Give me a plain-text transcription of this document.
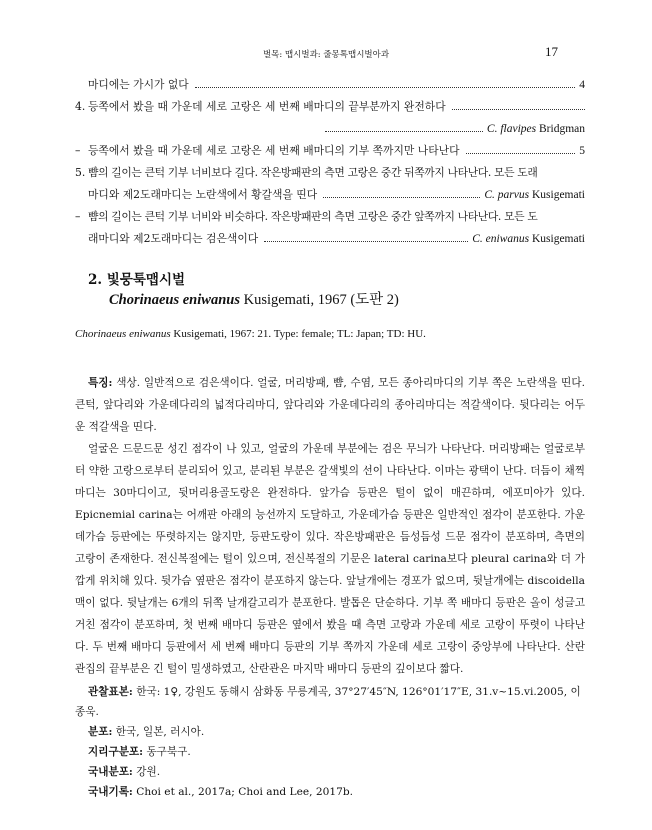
벌목: 맵시벌과: 줄몽톡맵시벌아과	17
마디에는 가시가 없다	4
4. 등쪽에서 봤을 때 가운데 세로 고랑은 세 번째 배마디의 끝부분까지 완전하다
C. flavipes Bridgman
– 등쪽에서 봤을 때 가운데 세로 고랑은 세 번째 배마디의 기부 쪽까지만 나타난다	5
5. 뺨의 길이는 큰턱 기부 너비보다 길다. 작은방패판의 측면 고랑은 중간 뒤쪽까지 나타난다. 모든 도래
마디와 제2도래마디는 노란색에서 황갈색을 띤다	C. parvus Kusigemati
– 뺨의 길이는 큰턱 기부 너비와 비슷하다. 작은방패판의 측면 고랑은 중간 앞쪽까지 나타난다. 모든 도
래마디와 제2도래마디는 검은색이다	C. eniwanus Kusigemati
2. 빛뭉툭맵시벌
Chorinaeus eniwanus Kusigemati, 1967 (도판 2)
Chorinaeus eniwanus Kusigemati, 1967: 21. Type: female; TL: Japan; TD: HU.

특징: 색상. 일반적으로 검은색이다. 얼굴, 머리방패, 뺨, 수염, 모든 종아리마디의 기부 쪽은 노란색을 띤다. 큰턱, 앞다리와 가운데다리의 넓적다리마디, 앞다리와 가운데다리의 종아리마디는 적갈색이다. 뒷다리는 어두운 적갈색을 띤다.

얼굴은 드문드문 성긴 점각이 나 있고, 얼굴의 가운데 부분에는 검은 무늬가 나타난다. 머리방패는 얼굴로부터 약한 고랑으로부터 분리되어 있고, 분리된 부분은 갈색빛의 선이 나타난다. 이마는 광택이 난다. 더듬이 채찍마디는 30마디이고, 뒷머리용골도랑은 완전하다. 앞가슴 등판은 털이 없이 매끈하며, 에포미아가 있다. Epicnemial carina는 어깨판 아래의 능선까지 도달하고, 가운데가슴 등판은 일반적인 점각이 분포한다. 가운데가슴 등판에는 뚜렷하지는 않지만, 등판도랑이 있다. 작은방패판은 듬성듬성 드문 점각이 분포하며, 측면의 고랑이 존재한다. 전신복절에는 털이 있으며, 전신복절의 기문은 lateral carina보다 pleural carina와 더 가깝게 위치해 있다. 뒷가슴 옆판은 점각이 분포하지 않는다. 앞날개에는 경포가 없으며, 뒷날개에는 discoidella 맥이 없다. 뒷날개는 6개의 뒤쪽 날개갈고리가 분포한다. 발톱은 단순하다. 기부 쪽 배마디 등판은 올이 성글고 거친 점각이 분포하며, 첫 번째 배마디 등판은 옆에서 봤을 때 측면 고랑과 가운데 세로 고랑이 뚜렷이 나타난다. 두 번째 배마디 등판에서 세 번째 배마디 등판의 기부 쪽까지 가운데 세로 고랑이 중앙부에 나타난다. 산란관집의 끝부분은 긴 털이 밀생하였고, 산란관은 마지막 배마디 등판의 깊이보다 짧다.

관찰표본: 한국: 1♀, 강원도 동해시 삼화동 무릉계곡, 37°27′45″N, 126°01′17″E, 31.v~15.vi.2005, 이종욱.

분포: 한국, 일본, 러시아.

지리구분포: 동구북구.

국내분포: 강원.

국내기록: Choi et al., 2017a; Choi and Lee, 2017b.
